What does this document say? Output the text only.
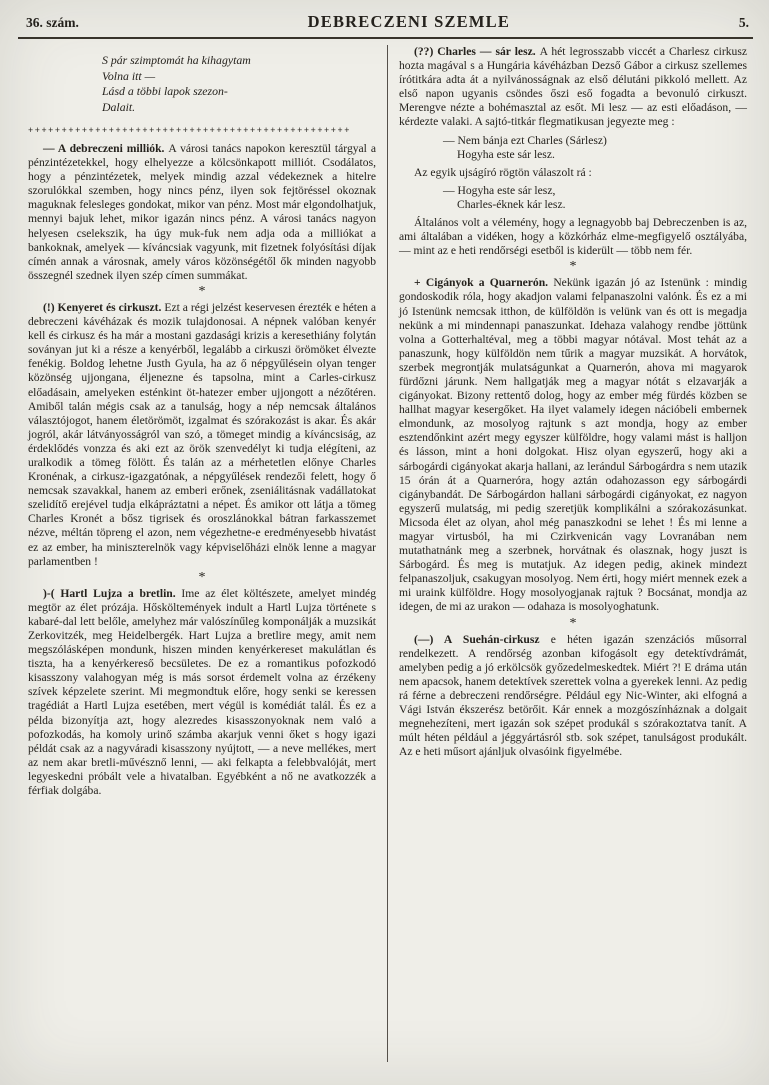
36. szám.	DEBRECZENI SZEMLE	5.
S pár szimptomát ha kihagytam
Volna itt —
Lásd a többi lapok szezon-
Dalait.
++++++++++++++++++++++++++++++++++++++++++++++++

— A debreczeni milliók. A városi tanács napokon keresztül tárgyal a pénzintézetekkel, hogy elhelyezze a kölcsönkapott milliót. Csodálatos, hogy a pénzintézetek, melyek mindig azzal védekeznek a hitelre szorulókkal szemben, hogy nincs pénz, ilyen sok fejtöréssel okoznak maguknak felesleges gondokat, mikor van pénz. Most már elgondolhatjuk, mennyi bajuk lehet, mikor igazán nincs pénz. A városi tanács nagyon helyesen cselekszik, ha úgy muk-fuk nem adja oda a milliókat a bankoknak, amelyek — kíváncsiak vagyunk, mit fizetnek folyósítási díjak címén annak a városnak, amely város közönségétől ők minden nagyobb összegnél szednek ilyen szép címen summákat.

*

(!) Kenyeret és cirkuszt. Ezt a régi jelzést keservesen érezték e héten a debreczeni kávéházak és mozik tulajdonosai. A népnek valóban kenyér kell és cirkusz és ha már a mostani gazdasági krizis a keresethiány folytán soványan jut ki a része a kenyérből, legalább a cirkuszi örömöket élvezte fenékig. Boldog lehetne Justh Gyula, ha az ő népgyűlésein olyan tenger közönség ujjongana, éljenezne és tapsolna, mint a Carles-cirkusz előadásain, amelyeken esténkint öt-hatezer ember ujjongott a nézőtéren. Amiből talán mégis csak az a tanulság, hogy a nép nemcsak általános választójogot, hanem életörömöt, izgalmat és szórakozást is akar. És akár jogról, akár látványosságról van szó, a tömeget mindig a kíváncsiság, az érdeklődés vonzza és aki ezt az örök szenvedélyt ki tudja elégíteni, az uralkodik a tömeg fölött. És talán az a mérhetetlen előnye Charles Kronénak, a cirkusz-igazgatónak, a népgyűlések rendezői felett, hogy ő nemcsak szavakkal, hanem az emberi erőnek, zseniálitásnak vadállatokat szelidítő erejével tudja elkápráztatni a népet. És amikor ott látja a tömeg Charles Kronét a bősz tigrisek és oroszlánokkal bátran farkasszemet nézve, méltán töpreng el azon, nem végezhetne-e eredményesebb hivatást ez az ember, ha miniszterelnök vagy képviselőházi elnök lenne a magyar parlamentben !

*

)-( Hartl Lujza a bretlin. Ime az élet költészete, amelyet mindég megtör az élet prózája. Hősköltemények indult a Hartl Lujza története s kabaré-dal lett belőle, amelyhez már valószínűleg komponálják a muzsikát Zerkovitzék, meg Heidelbergék. Hart Lujza a bretlire megy, amit nem megszólásképen mondunk, hiszen minden kenyérkereset makulátlan és tiszta, ha a kenyérkereső becsületes. De ez a romantikus pofozkodó kisasszony valahogyan még is más sorsot érdemelt volna az érzékeny szívek képzelete szerint. Mi megmondtuk előre, hogy senki se keressen tragédiát a Hartl Lujza esetében, mert végül is komédiát talál. És ez a példa bizonyítja azt, hogy alezredes kisasszonyoknak nem való a pofozkodás, ha komoly urinő számba akarjuk venni őket s hogy igazi példát csak az a nagyváradi kisasszony nyújtott, — a neve mellékes, mert az nem akar bretli-művésznő lenni, — aki felkapta a felebbvalóját, mert legyeskedni próbált vele a hivatalban. Egyébként a nő ne avatkozzék a férfiak dolgába.

(??) Charles — sár lesz. A hét legrosszabb viccét a Charlesz cirkusz hozta magával s a Hungária kávéházban Dezső Gábor a cirkusz szellemes írótitkára adta át a nyilvánosságnak az első délutáni pikkoló mellett. Az első napon ugyanis csöndes őszi eső fogadta a bevonuló cirkuszt. Merengve nézte a bohémasztal az esőt. Mi lesz — az esti előadáson, — kérdezte valaki. A sajtó-titkár flegmatikusan jegyezte meg :

— Nem bánja ezt Charles (Sárlesz)
Hogyha este sár lesz.

Az egyik ujságíró rögtön válaszolt rá :

— Hogyha este sár lesz,
Charles-éknek kár lesz.

Általános volt a vélemény, hogy a legnagyobb baj Debreczenben is az, ami általában a vidéken, hogy a közkórház elme-megfigyelő osztályába, — mint az e heti rendőrségi esetből is kiderült — több nem fér.

*

+ Cigányok a Quarnerón. Nekünk igazán jó az Istenünk : mindig gondoskodik róla, hogy akadjon valami felpanaszolni valónk. És ez a mi jó Istenünk nemcsak itthon, de külföldön is velünk van és ott is megadja nekünk a mi mindennapi panaszunkat. Idehaza valahogy rendbe jöttünk volna a Gotterhaltéval, meg a többi magyar nótával. Most tehát az a panaszunk, hogy külföldön nem tűrik a magyar muzsikát. A horvátok, szerbek megrontják mulatságunkat a Quarnerón, ahova mi magyarok fürdőzni járunk. Nem hallgatják meg a magyar nótát s elzavarják a cigányokat. Bizony rettentő dolog, hogy az ember még fürdés közben se hallhat magyar kesergőket. Ha ilyet valamely idegen nációbeli embernek elmondunk, az mosolyog rajtunk s azt mondja, hogy az ember esztendőnkint azért megy egyszer külföldre, hogy valami mást is halljon és lásson, mint a honi dolgokat. Hisz olyan egyszerű, hogy aki a sárbogárdi cigányokat akarja hallani, az lerándul Sárbogárdra s nem utazik 15 órán át a Quarneróra, hogy aztán odahozasson egy sárbogárdi cigánybandát. De Sárbogárdon hallani sárbogárdi cigányokat, ez nagyon egyszerű mulatság, mi pedig szeretjük komplikálni a szórakozásunkat. Micsoda élet az olyan, ahol még panaszkodni se lehet ! És mi lenne a magyar virtusból, ha mi Czirkvenicán vagy Lovranában nem mutathatnánk meg a szerbnek, horvátnak és olasznak, hogy juszt is Sárbogárd. És meg is mutatjuk. Az idegen pedig, akinek mindezt felpanaszoljuk, csakugyan mosolyog. Nem érti, hogy miért mennek ezek a mi uraink külföldre. Hogy mosolyogjanak rajtuk ? Bocsánat, mondja az idegen, de mi az urakon — odahaza is mosolyoghatunk.

*

(—) A Suehán-cirkusz e héten igazán szenzációs műsorral rendelkezett. A rendőrség azonban kifogásolt egy detektívdrámát, amelyben pedig a jó erkölcsök győzedelmeskedtek. Miért ?! E dráma után nem apacsok, hanem detektívek szerettek volna a gyerekek lenni. Az pedig rá férne a debreczeni rendőrségre. Például egy Nic-Winter, aki elfogná a Vági István ékszerész betörőit. Kár ennek a mozgószínháznak a dolgait megnehezíteni, mert igazán sok szépet produkál s szórakoztatva tanít. A múlt héten például a jéggyártásról stb. sok szépet, tanulságost produkált. Az e heti műsort ajánljuk olvasóink figyelmébe.
